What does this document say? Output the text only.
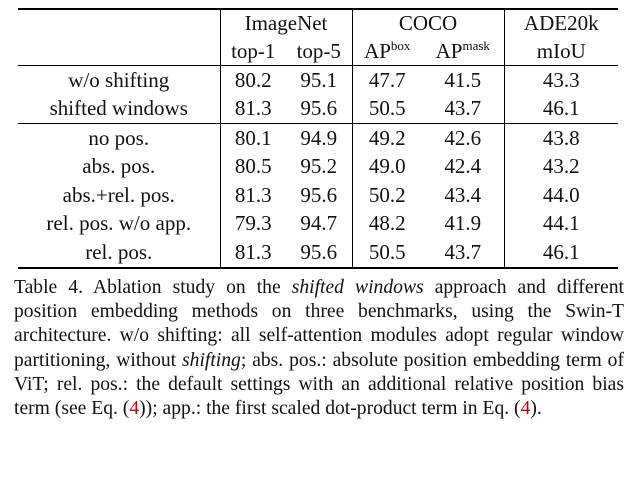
	ImageNet		COCO		ADE20k
	top-1	top-5	$AP^{box}$	$AP^{mask}$	mIoU

w/o shifting	80.2	95.1	47.7	41.5	43.3
shifted windows	81.3	95.6	50.5	43.7	46.1

no pos.	80.1	94.9	49.2	42.6	43.8
abs. pos.	80.5	95.2	49.0	42.4	43.2
abs.+rel. pos.	81.3	95.6	50.2	43.4	44.0
rel. pos. w/o app.	79.3	94.7	48.2	41.9	44.1
rel. pos.	81.3	95.6	50.5	43.7	46.1

Table 4. Ablation study on the shifted windows approach and different position embedding methods on three benchmarks, using the Swin-T architecture. w/o shifting: all self-attention modules adopt regular window partitioning, without shifting; abs. pos.: absolute position embedding term of ViT; rel. pos.: the default settings with an additional relative position bias term (see Eq. (4)); app.: the first scaled dot-product term in Eq. (4).
